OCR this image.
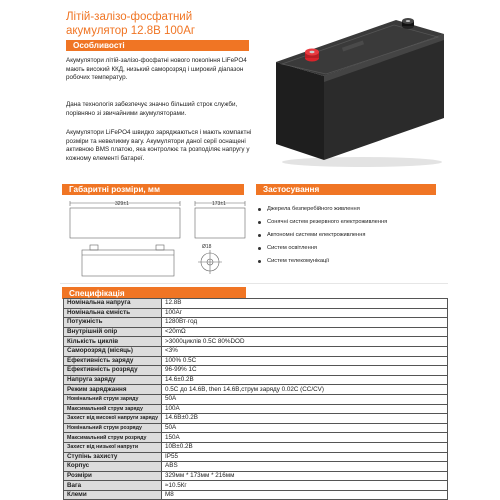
Літій-залізо-фосфатний
акумулятор 12.8В 100Аг
Особливості

Акумулятори літій-залізо-фосфатні нового покоління LiFePO4 мають високий ККД, низький саморозряд і широкий діапазон робочих температур.

Дана технологія забезпечує значно більший строк служби, порівняно зі звичайними акумуляторами.

Акумулятори LiFePO4 швидко заряджаються і мають компактні розміри та невеликму вагу. Акумулятори даної серії оснащені активною BMS платою, яка контролює та розподіляє напругу у кожному елементі батареї.

Габаритні розміри, мм
329±1	173±1
Ø18
Застосування
Джерела безперебійного живлення
Сонячні систем резервного електроживлення
Автономні системи електроживлення
Систем освітлення
Систем телекомунікації
Специфікація
Номінальна напруга	12.8В
Номінальна ємність	100Аг
Потужність	1280Вт·год
Внутрішній опір	<20mΩ
Кількість циклів	>3000циклів 0.5С 80%DOD
Саморозряд (місяць)	<3%
Ефективність заряду	100% 0.5С
Ефективність розряду	96-99% 1С
Напруга заряду	14.6±0.2В
Режим заряджання	0.5С до 14.6В, then 14.6В,струм заряду 0.02С (CC/CV)
Номінальний струм заряду	50А
Максимальний струм заряду	100А
Захист від високої напруги заряду	14.6В±0.2В
Номінальний струм розряду	50А
Максимальний струм розряду	150А
Захист від низької напруги	10В±0.2В
Ступінь захисту	IP55
Корпус	ABS
Розміри	329мм * 173мм * 216мм
Вага	≈10.5Кг
Клеми	М8
